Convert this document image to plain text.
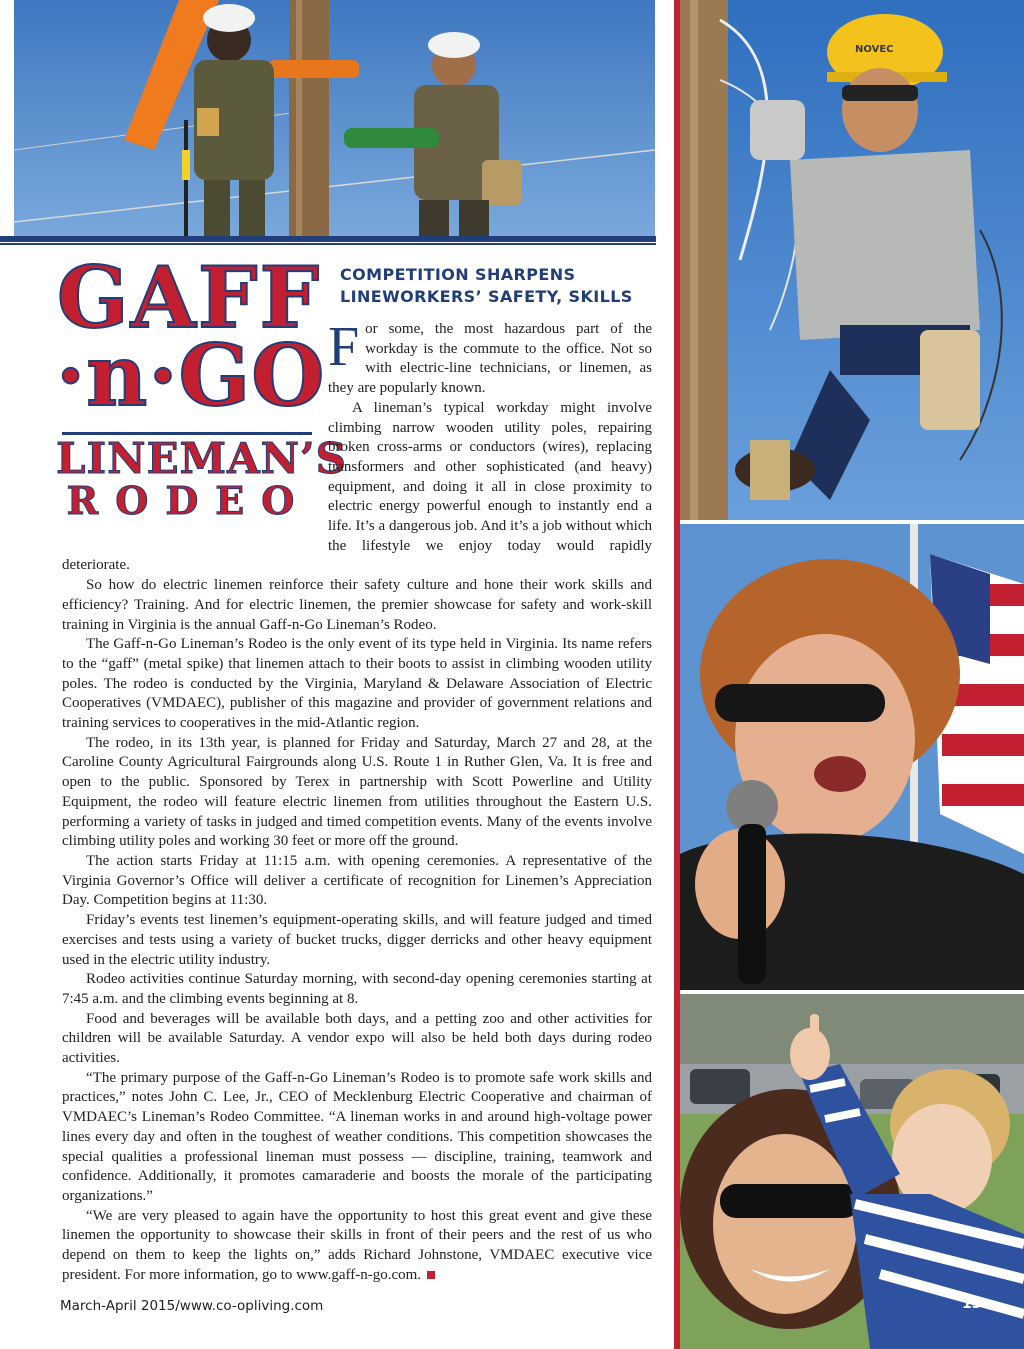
NOVEC
GAFF
·n·GO
LINEMAN’S
RODEO
COMPETITION SHARPENS
LINEWORKERS’ SAFETY, SKILLS

For some, the most hazardous part of the workday is the commute to the office. Not so with electric-line technicians, or linemen, as they are popularly known.

A lineman’s typical workday might involve climbing narrow wooden utility poles, repairing broken cross-arms or conductors (wires), replacing transformers and other sophisticated (and heavy) equipment, and doing it all in close proximity to electric energy powerful enough to instantly end a life. It’s a dangerous job. And it’s a job without which the lifestyle we enjoy today would rapidly deteriorate.

So how do electric linemen reinforce their safety culture and hone their work skills and efficiency? Training. And for electric linemen, the premier showcase for safety and work-skill training in Virginia is the annual Gaff-n-Go Lineman’s Rodeo.

The Gaff-n-Go Lineman’s Rodeo is the only event of its type held in Virginia. Its name refers to the “gaff” (metal spike) that linemen attach to their boots to assist in climbing wooden utility poles. The rodeo is conducted by the Virginia, Maryland & Delaware Association of Electric Cooperatives (VMDAEC), publisher of this magazine and provider of government relations and training services to cooperatives in the mid-Atlantic region.

The rodeo, in its 13th year, is planned for Friday and Saturday, March 27 and 28, at the Caroline County Agricultural Fairgrounds along U.S. Route 1 in Ruther Glen, Va. It is free and open to the public. Sponsored by Terex in partnership with Scott Powerline and Utility Equipment, the rodeo will feature electric linemen from utilities throughout the Eastern U.S. performing a variety of tasks in judged and timed competition events. Many of the events involve climbing utility poles and working 30 feet or more off the ground.

The action starts Friday at 11:15 a.m. with opening ceremonies. A representative of the Virginia Governor’s Office will deliver a certificate of recognition for Linemen’s Appreciation Day. Competition begins at 11:30.

Friday’s events test linemen’s equipment-operating skills, and will feature judged and timed exercises and tests using a variety of bucket trucks, digger derricks and other heavy equipment used in the electric utility industry.

Rodeo activities continue Saturday morning, with second-day opening ceremonies starting at 7:45 a.m. and the climbing events beginning at 8.

Food and beverages will be available both days, and a petting zoo and other activities for children will be available Saturday. A vendor expo will also be held both days during rodeo activities.

“The primary purpose of the Gaff-n-Go Lineman’s Rodeo is to promote safe work skills and practices,” notes John C. Lee, Jr., CEO of Mecklenburg Electric Cooperative and chairman of VMDAEC’s Lineman’s Rodeo Committee. “A lineman works in and around high-voltage power lines every day and often in the toughest of weather conditions. This competition showcases the special qualities a professional lineman must possess — discipline, training, teamwork and confidence. Additionally, it promotes camaraderie and boosts the morale of the participating organizations.”

“We are very pleased to again have the opportunity to host this great event and give these linemen the opportunity to showcase their skills in front of their peers and the rest of us who depend on them to keep the lights on,” adds Richard Johnstone, VMDAEC executive vice president. For more information, go to www.gaff-n-go.com.

March-April 2015/www.co-opliving.com	13
